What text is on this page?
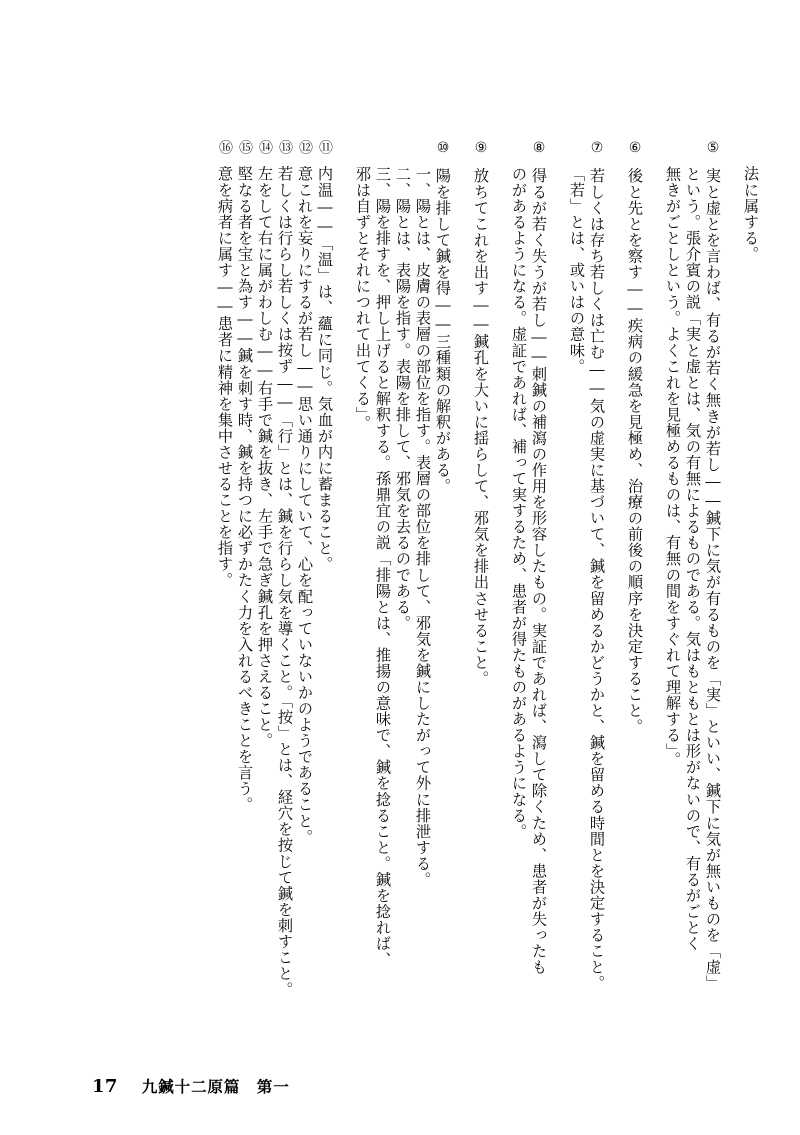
法に属する。
⑤実と虚とを言わば、有るが若く無きが若し――鍼下に気が有るものを「実」といい、鍼下に気が無いものを「虚」
という。張介賓の説「実と虚とは、気の有無によるものである。気はもともとは形がないので、有るがごとく
無きがごとしという。よくこれを見極めるものは、有無の間をすぐれて理解する」。
⑥後と先とを察す――疾病の緩急を見極め、治療の前後の順序を決定すること。
⑦若しくは存ち若しくは亡む――気の虚実に基づいて、鍼を留めるかどうかと、鍼を留める時間とを決定すること。
「若」とは、或いはの意味。
⑧得るが若く失うが若し――刺鍼の補瀉の作用を形容したもの。実証であれば、瀉して除くため、患者が失ったも
のがあるようになる。虚証であれば、補って実するため、患者が得たものがあるようになる。
⑨放ちてこれを出す――鍼孔を大いに揺らして、邪気を排出させること。
⑩陽を排して鍼を得――三種類の解釈がある。
一、陽とは、皮膚の表層の部位を指す。表層の部位を排して、邪気を鍼にしたがって外に排泄する。
二、陽とは、表陽を指す。表陽を排して、邪気を去るのである。
三、陽を排すを、押し上げると解釈する。孫鼎宜の説「排陽とは、推揚の意味で、鍼を捻ること。鍼を捻れば、
邪は自ずとそれにつれて出てくる」。
⑪内温――「温」は、蘊に同じ。気血が内に蓄まること。
⑫意これを妄りにするが若し――思い通りにしていて、心を配っていないかのようであること。
⑬若しくは行らし若しくは按ず――「行」とは、鍼を行らし気を導くこと。「按」とは、経穴を按じて鍼を刺すこと。
⑭左をして右に属がわしむ――右手で鍼を抜き、左手で急ぎ鍼孔を押さえること。
⑮堅なる者を宝と為す――鍼を刺す時、鍼を持つに必ずかたく力を入れるべきことを言う。
⑯意を病者に属す――患者に精神を集中させることを指す。
17 九鍼十二原篇　第一
